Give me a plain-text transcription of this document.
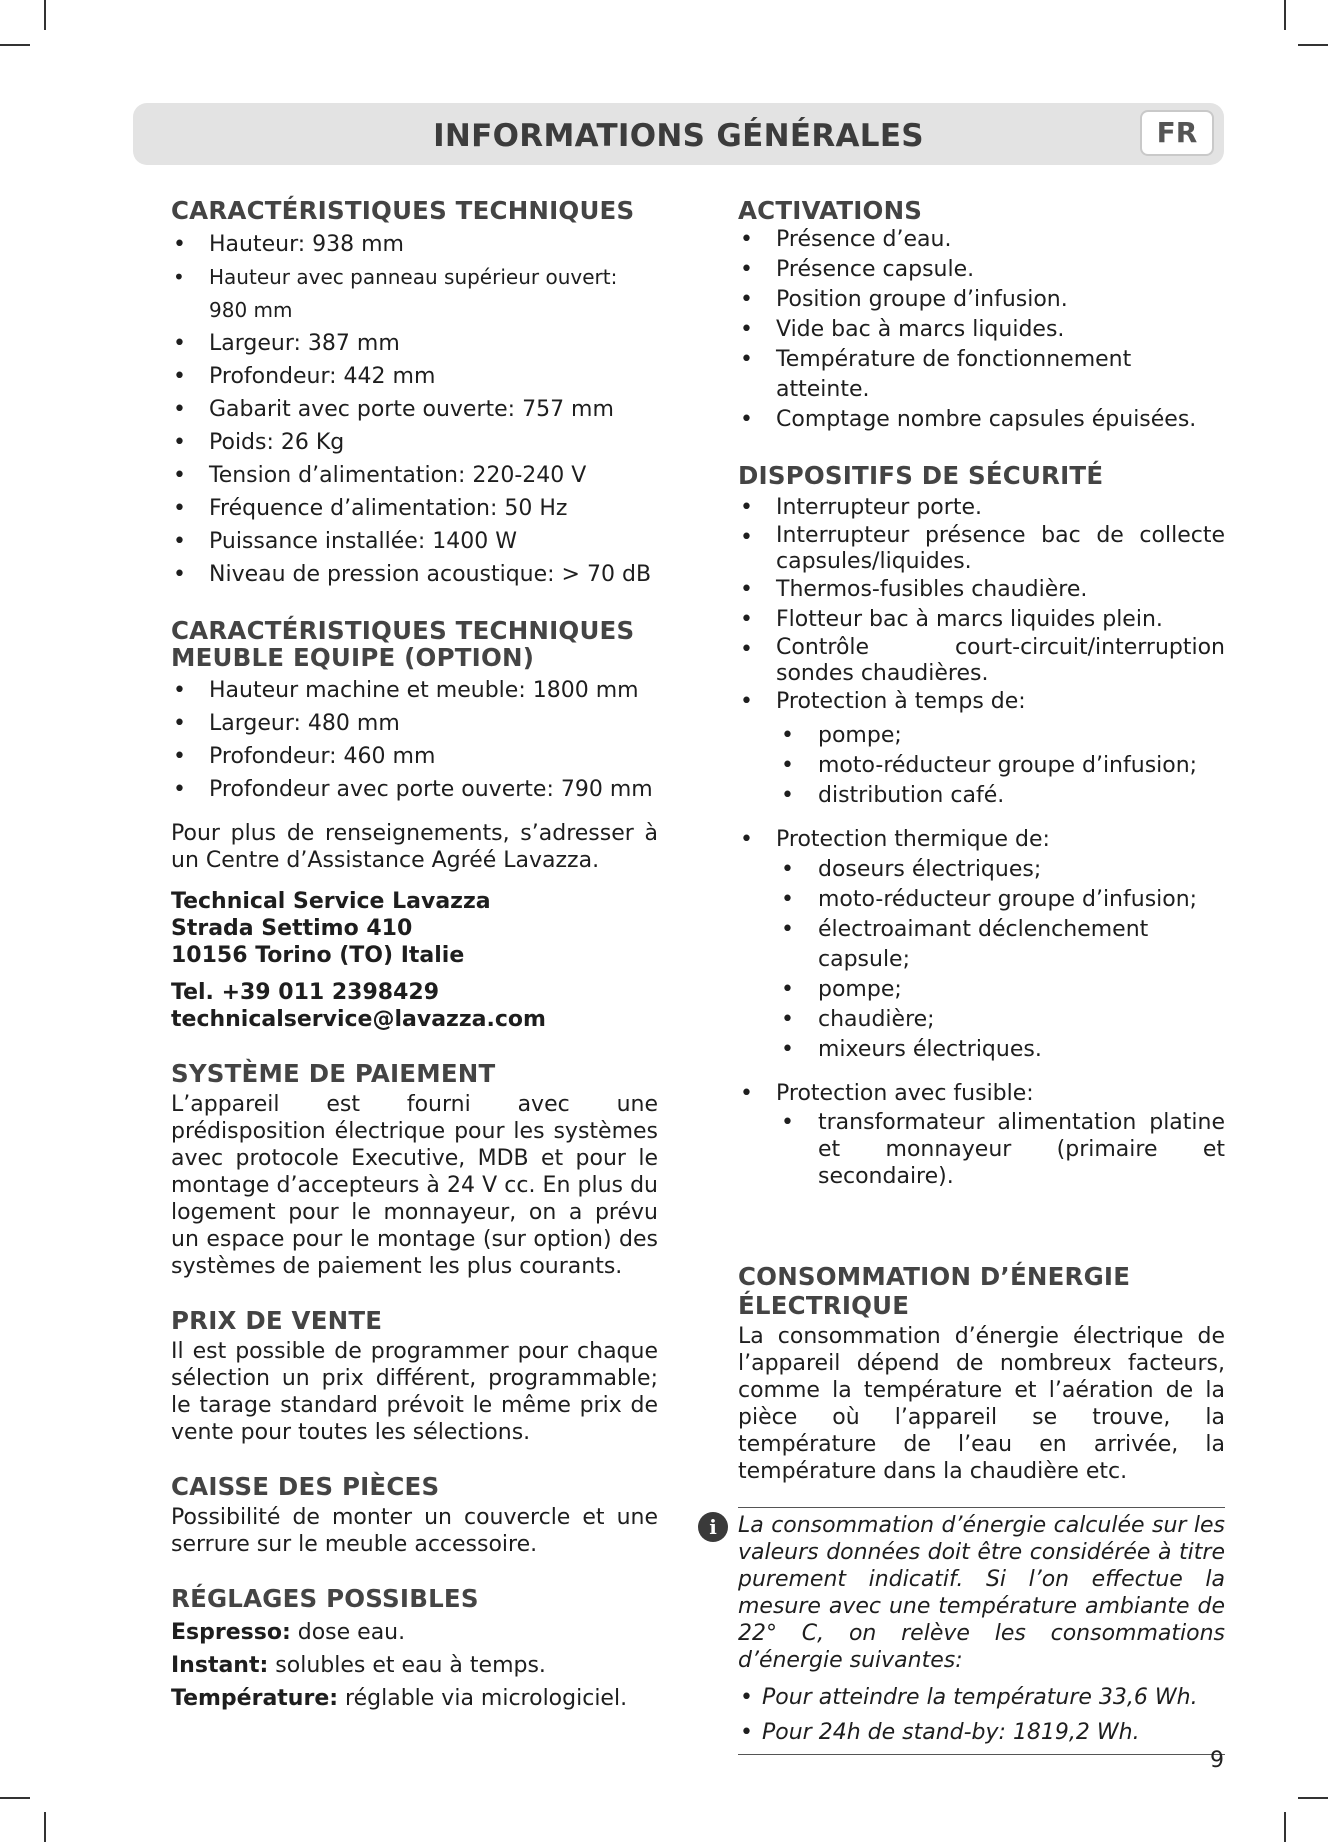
INFORMATIONS GÉNÉRALES	FR
CARACTÉRISTIQUES TECHNIQUES
• Hauteur: 938 mm
• Hauteur avec panneau supérieur ouvert: 980 mm
• Largeur: 387 mm
• Profondeur: 442 mm
• Gabarit avec porte ouverte: 757 mm
• Poids: 26 Kg
• Tension d’alimentation: 220-240 V
• Fréquence d’alimentation: 50 Hz
• Puissance installée: 1400 W
• Niveau de pression acoustique: > 70 dB
CARACTÉRISTIQUES TECHNIQUES
MEUBLE EQUIPE (OPTION)
• Hauteur machine et meuble: 1800 mm
• Largeur: 480 mm
• Profondeur: 460 mm
• Profondeur avec porte ouverte: 790 mm

Pour plus de renseignements, s’adresser à un Centre d’Assistance Agréé Lavazza.

Technical Service Lavazza
Strada Settimo 410
10156 Torino (TO) Italie
Tel. +39 011 2398429
technicalservice@lavazza.com
SYSTÈME DE PAIEMENT

L’appareil est fourni avec une prédisposition électrique pour les systèmes avec protocole Executive, MDB et pour le montage d’accepteurs à 24 V cc. En plus du logement pour le monnayeur, on a prévu un espace pour le montage (sur option) des systèmes de paiement les plus courants.

PRIX DE VENTE

Il est possible de programmer pour chaque sélection un prix différent, programmable; le tarage standard prévoit le même prix de vente pour toutes les sélections.

CAISSE DES PIÈCES

Possibilité de monter un couvercle et une serrure sur le meuble accessoire.

RÉGLAGES POSSIBLES
Espresso: dose eau.
Instant: solubles et eau à temps.
Température: réglable via micrologiciel.
ACTIVATIONS
• Présence d’eau.
• Présence capsule.
• Position groupe d’infusion.
• Vide bac à marcs liquides.
• Température de fonctionnement atteinte.
• Comptage nombre capsules épuisées.
DISPOSITIFS DE SÉCURITÉ
• Interrupteur porte.
• Interrupteur présence bac de collecte capsules/liquides.
• Thermos-fusibles chaudière.
• Flotteur bac à marcs liquides plein.
• Contrôle court-circuit/interruption sondes chaudières.
• Protection à temps de:
• pompe;
• moto-réducteur groupe d’infusion;
• distribution café.
• Protection thermique de:
• doseurs électriques;
• moto-réducteur groupe d’infusion;
• électroaimant déclenchement capsule;
• pompe;
• chaudière;
• mixeurs électriques.
• Protection avec fusible:
• transformateur alimentation platine et monnayeur (primaire et secondaire).
CONSOMMATION D’ÉNERGIE
ÉLECTRIQUE

La consommation d’énergie électrique de l’appareil dépend de nombreux facteurs, comme la température et l’aération de la pièce où l’appareil se trouve, la température de l’eau en arrivée, la température dans la chaudière etc.

i La consommation d’énergie calculée sur les valeurs données doit être considérée à titre purement indicatif. Si l’on effectue la mesure avec une température ambiante de 22° C, on relève les consommations d’énergie suivantes:

• Pour atteindre la température 33,6 Wh.
• Pour 24h de stand-by: 1819,2 Wh.
9
